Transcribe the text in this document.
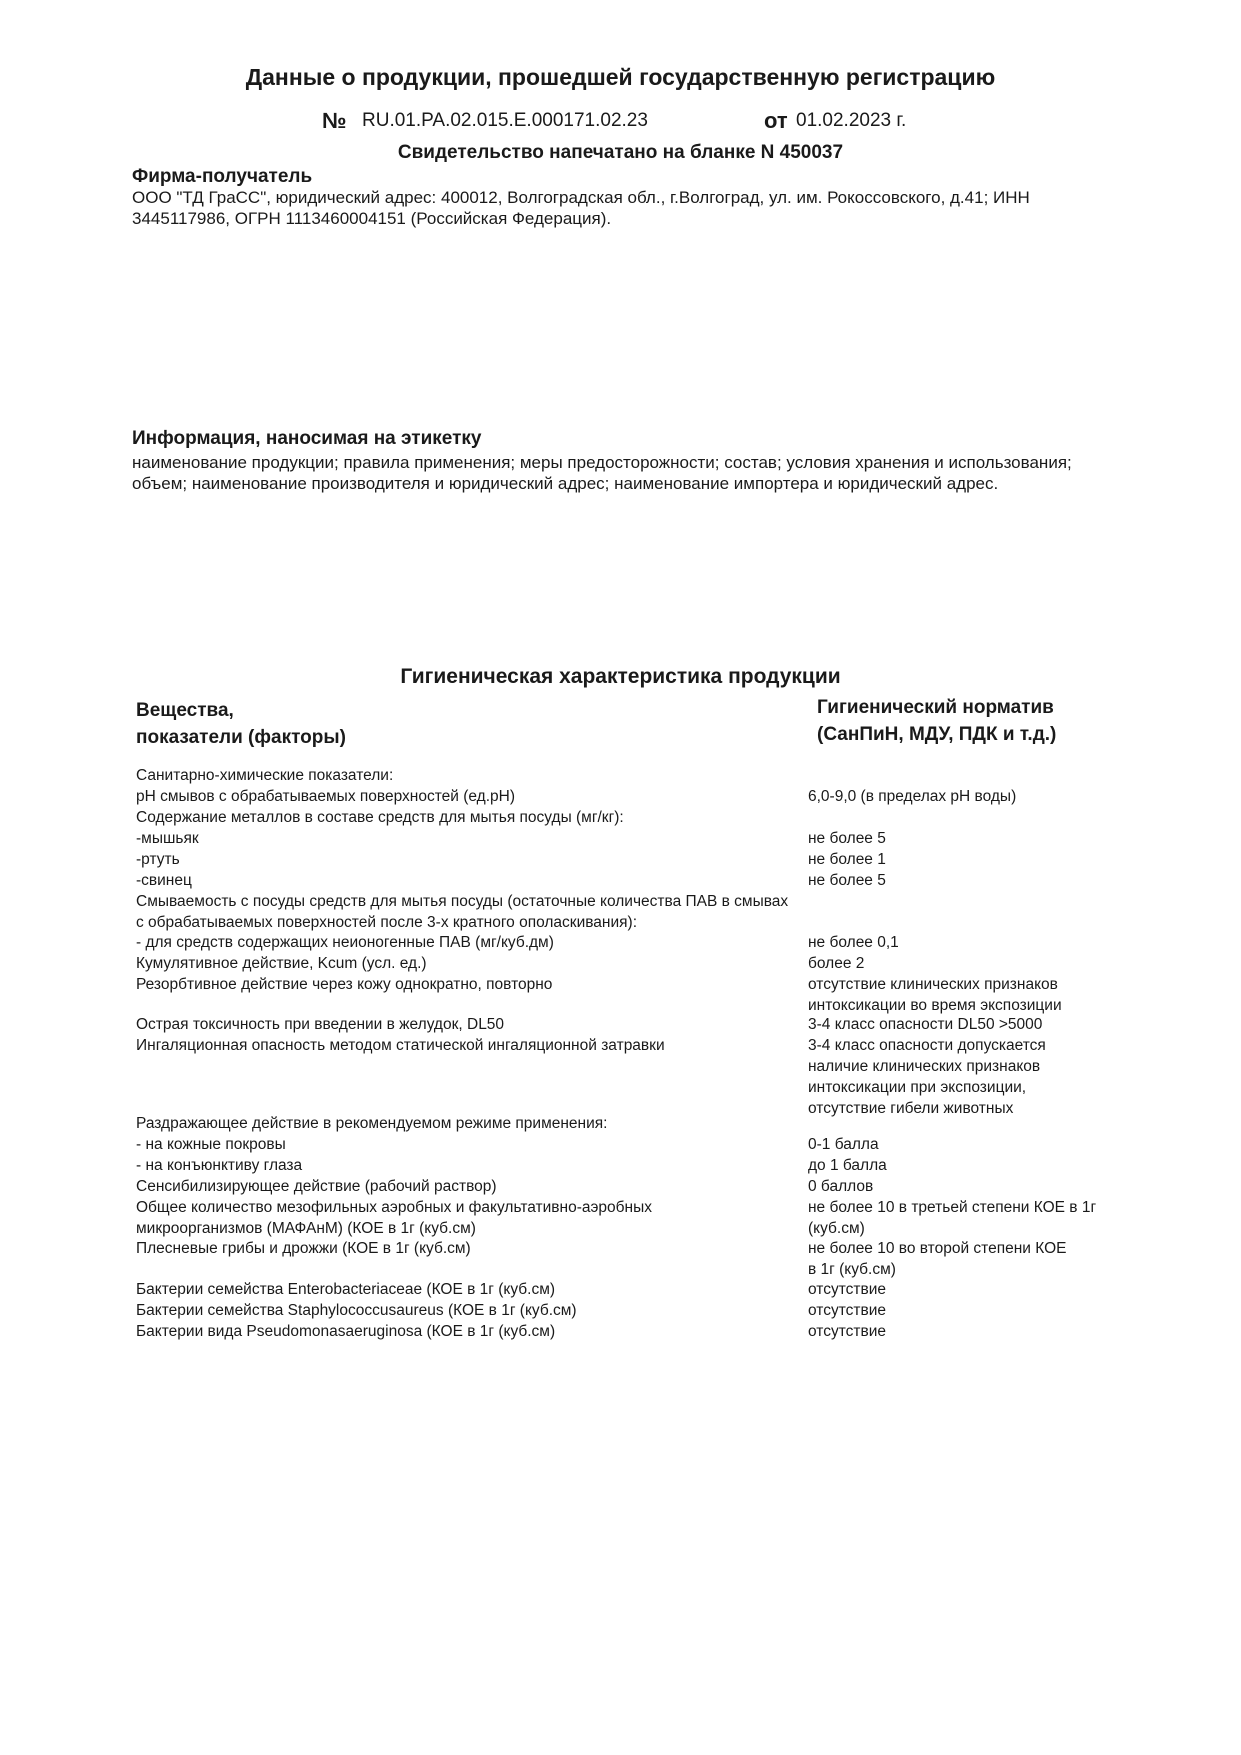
Данные о продукции, прошедшей государственную регистрацию
№ RU.01.PA.02.015.E.000171.02.23	от 01.02.2023 г.
Свидетельство напечатано на бланке N 450037
Фирма-получатель
ООО "ТД ГраСС", юридический адрес: 400012, Волгоградская обл., г.Волгоград, ул. им. Рокоссовского, д.41; ИНН 3445117986, ОГРН 1113460004151 (Российская Федерация).
Информация, наносимая на этикетку
наименование продукции; правила применения; меры предосторожности; состав; условия хранения и использования; объем; наименование производителя и юридический адрес; наименование импортера и юридический адрес.
Гигиеническая характеристика продукции
Вещества,
показатели (факторы)
Гигиенический норматив
(СанПиН, МДУ, ПДК и т.д.)
Санитарно-химические показатели:
pH смывов с обрабатываемых поверхностей (ед.pH)
Содержание металлов в составе средств для мытья посуды (мг/кг):
-мышьяк
-ртуть
-свинец
Смываемость с посуды средств для мытья посуды (остаточные количества ПАВ в смывах с обрабатываемых поверхностей после 3-х кратного ополаскивания):
- для средств содержащих неионогенные ПАВ (мг/куб.дм)
Кумулятивное действие, Kcum (усл. ед.)
Резорбтивное действие через кожу однократно, повторно
Острая токсичность при введении в желудок, DL50
Ингаляционная опасность методом статической ингаляционной затравки
Раздражающее действие в рекомендуемом режиме применения:
- на кожные покровы
- на конъюнктиву глаза
Сенсибилизирующее действие (рабочий раствор)
Общее количество мезофильных аэробных и факультативно-аэробных микроорганизмов (МАФАнМ) (КОЕ в 1г (куб.см)
Плесневые грибы и дрожжи (КОЕ в 1г (куб.см)
Бактерии семейства Enterobacteriaceae (КОЕ в 1г (куб.см)
Бактерии семейства Staphylococcusaureus (КОЕ в 1г (куб.см)
Бактерии вида Pseudomonasaeruginosa (КОЕ в 1г (куб.см)
6,0-9,0 (в пределах pH воды)
не более 5
не более 1
не более 5
не более 0,1
более 2
отсутствие клинических признаков интоксикации во время экспозиции
3-4 класс опасности DL50 >5000
3-4 класс опасности допускается наличие клинических признаков интоксикации при экспозиции, отсутствие гибели животных
0-1 балла
до 1 балла
0 баллов
не более 10 в третьей степени КОЕ в 1г (куб.см)
не более 10 во второй степени КОЕ в 1г (куб.см)
отсутствие
отсутствие
отсутствие
